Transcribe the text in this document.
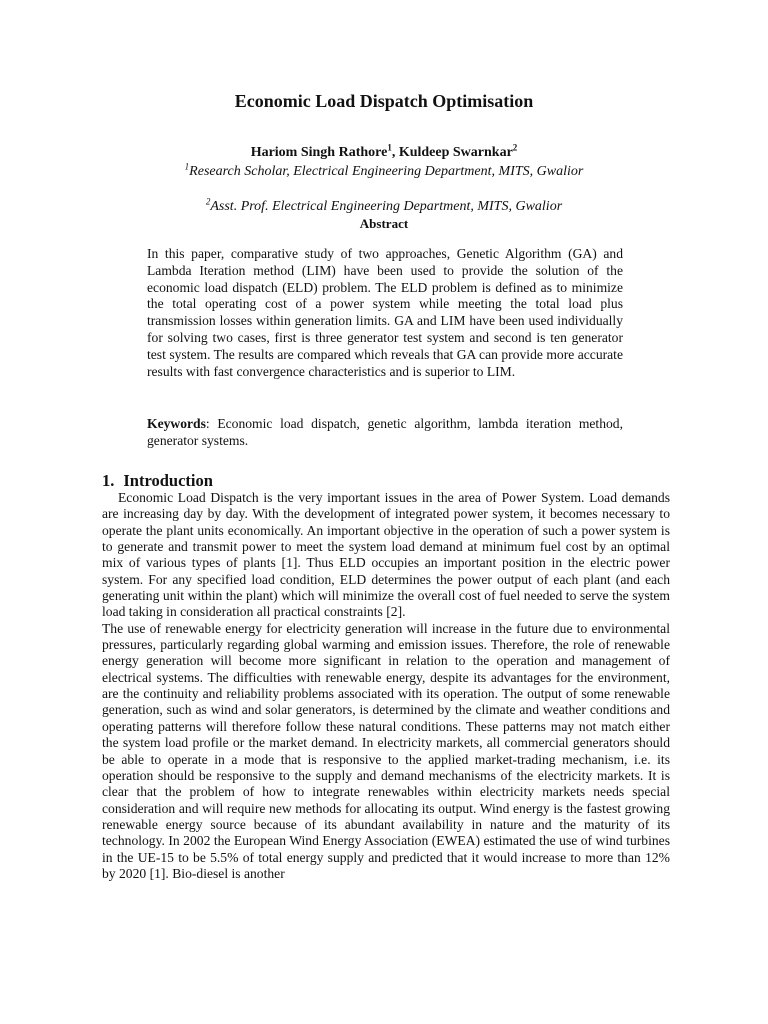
Economic Load Dispatch Optimisation
Hariom Singh Rathore$^1$, Kuldeep Swarnkar$^2$
$^1$Research Scholar, Electrical Engineering Department, MITS, Gwalior
$^2$Asst. Prof. Electrical Engineering Department, MITS, Gwalior
Abstract
In this paper, comparative study of two approaches, Genetic Algorithm (GA) and Lambda Iteration method (LIM) have been used to provide the solution of the economic load dispatch (ELD) problem. The ELD problem is defined as to minimize the total operating cost of a power system while meeting the total load plus transmission losses within generation limits. GA and LIM have been used individually for solving two cases, first is three generator test system and second is ten generator test system. The results are compared which reveals that GA can provide more accurate results with fast convergence characteristics and is superior to LIM.
Keywords: Economic load dispatch, genetic algorithm, lambda iteration method, generator systems.
1. Introduction

Economic Load Dispatch is the very important issues in the area of Power System. Load demands are increasing day by day. With the development of integrated power system, it becomes necessary to operate the plant units economically. An important objective in the operation of such a power system is to generate and transmit power to meet the system load demand at minimum fuel cost by an optimal mix of various types of plants [1]. Thus ELD occupies an important position in the electric power system. For any specified load condition, ELD determines the power output of each plant (and each generating unit within the plant) which will minimize the overall cost of fuel needed to serve the system load taking in consideration all practical constraints [2].

The use of renewable energy for electricity generation will increase in the future due to environmental pressures, particularly regarding global warming and emission issues. Therefore, the role of renewable energy generation will become more significant in relation to the operation and management of electrical systems. The difficulties with renewable energy, despite its advantages for the environment, are the continuity and reliability problems associated with its operation. The output of some renewable generation, such as wind and solar generators, is determined by the climate and weather conditions and operating patterns will therefore follow these natural conditions. These patterns may not match either the system load profile or the market demand. In electricity markets, all commercial generators should be able to operate in a mode that is responsive to the applied market-trading mechanism, i.e. its operation should be responsive to the supply and demand mechanisms of the electricity markets. It is clear that the problem of how to integrate renewables within electricity markets needs special consideration and will require new methods for allocating its output. Wind energy is the fastest growing renewable energy source because of its abundant availability in nature and the maturity of its technology. In 2002 the European Wind Energy Association (EWEA) estimated the use of wind turbines in the UE-15 to be 5.5% of total energy supply and predicted that it would increase to more than 12% by 2020 [1]. Bio-diesel is another
